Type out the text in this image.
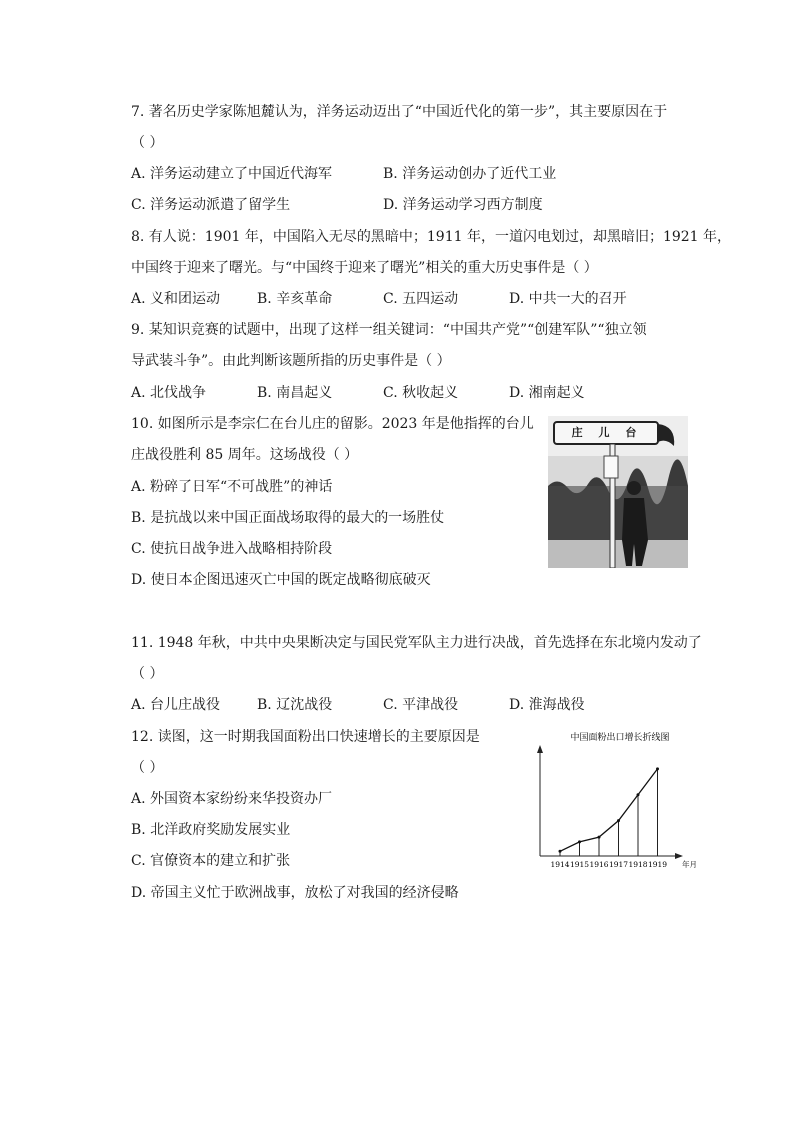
7. 著名历史学家陈旭麓认为，洋务运动迈出了“中国近代化的第一步”，其主要原因在于
（ ）
A. 洋务运动建立了中国近代海军	B. 洋务运动创办了近代工业
C. 洋务运动派遣了留学生	D. 洋务运动学习西方制度
8. 有人说：1901 年，中国陷入无尽的黑暗中；1911 年，一道闪电划过，却黑暗旧；1921 年，
中国终于迎来了曙光。与“中国终于迎来了曙光”相关的重大历史事件是（ ）
A. 义和团运动	B. 辛亥革命	C. 五四运动	D. 中共一大的召开
9. 某知识竞赛的试题中，出现了这样一组关键词：“中国共产党”“创建军队”“独立领
导武装斗争”。由此判断该题所指的历史事件是（ ）
A. 北伐战争	B. 南昌起义	C. 秋收起义	D. 湘南起义
10. 如图所示是李宗仁在台儿庄的留影。2023 年是他指挥的台儿
庄战役胜利 85 周年。这场战役（ ）
A. 粉碎了日军“不可战胜”的神话
B. 是抗战以来中国正面战场取得的最大的一场胜仗
C. 使抗日战争进入战略相持阶段
D. 使日本企图迅速灭亡中国的既定战略彻底破灭
庄 儿 台
11. 1948 年秋，中共中央果断决定与国民党军队主力进行决战，首先选择在东北境内发动了
（ ）
A. 台儿庄战役	B. 辽沈战役	C. 平津战役	D. 淮海战役
12. 读图，这一时期我国面粉出口快速增长的主要原因是
（ ）
A. 外国资本家纷纷来华投资办厂
B. 北洋政府奖励发展实业
C. 官僚资本的建立和扩张
D. 帝国主义忙于欧洲战事，放松了对我国的经济侵略
中国面粉出口增长折线图
1914 1915 1916 1917 1918 1919 年月
